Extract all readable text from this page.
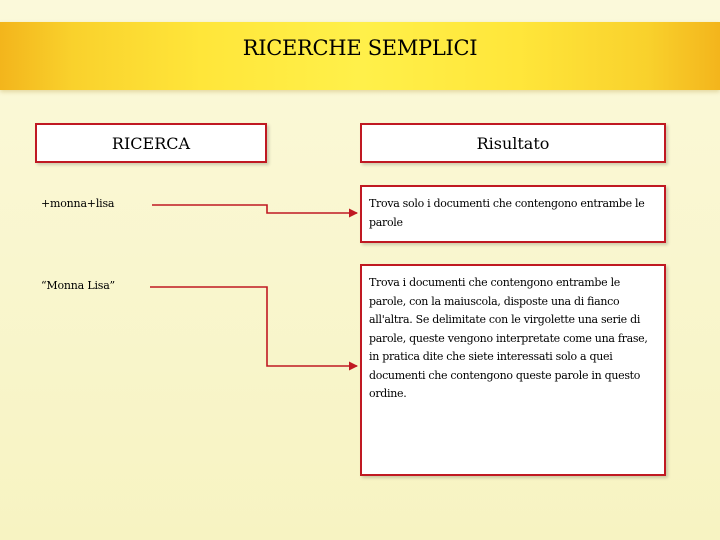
RICERCHE SEMPLICI
RICERCA	Risultato
+monna+lisa
“Monna Lisa”
Trova solo i documenti che contengono entrambe le parole
Trova i documenti che contengono entrambe le parole, con la maiuscola, disposte una di fianco all'altra. Se delimitate con le virgolette una serie di parole, queste vengono interpretate come una frase, in pratica dite che siete interessati solo a quei documenti che contengono queste parole in questo ordine.
